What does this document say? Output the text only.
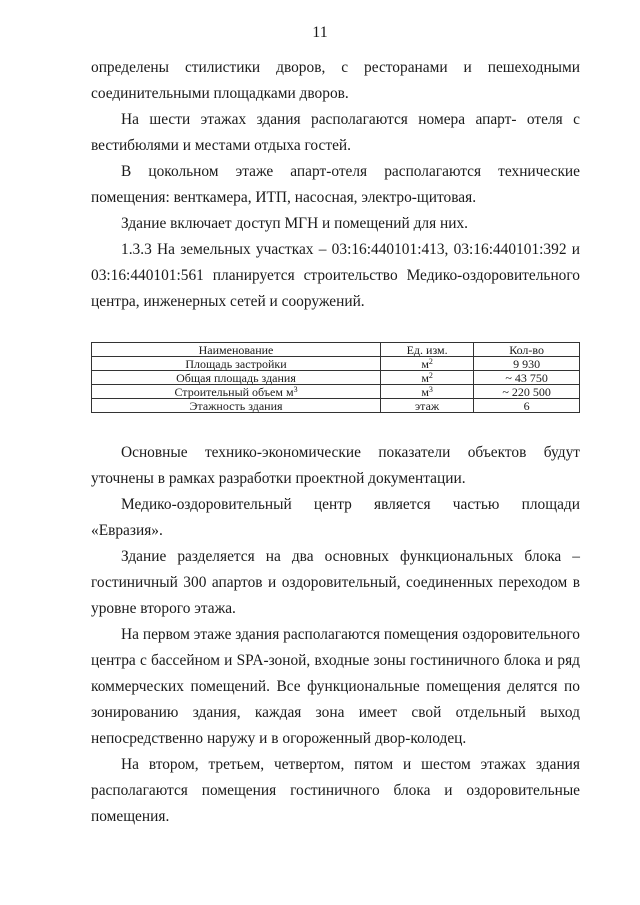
11

определены стилистики дворов, с ресторанами и пешеходными соединительными площадками дворов.

На шести этажах здания располагаются номера апарт- отеля с вестибюлями и местами отдыха гостей.

В цокольном этаже апарт-отеля располагаются технические помещения: венткамера, ИТП, насосная, электро-щитовая.

Здание включает доступ МГН и помещений для них.

1.3.3 На земельных участках – 03:16:440101:413, 03:16:440101:392 и 03:16:440101:561 планируется строительство Медико-оздоровительного центра, инженерных сетей и сооружений.

Наименование	Ед. изм.	Кол-во
Площадь застройки	$м^2$	9 930
Общая площадь здания	$м^2$	~ 43 750
Строительный объем $м^3$	$м^3$	~ 220 500
Этажность здания	этаж	6

Основные технико-экономические показатели объектов будут уточнены в рамках разработки проектной документации.

Медико-оздоровительный центр является частью площади «Евразия».

Здание разделяется на два основных функциональных блока – гостиничный 300 апартов и оздоровительный, соединенных переходом в уровне второго этажа.

На первом этаже здания располагаются помещения оздоровительного центра с бассейном и SPA-зоной, входные зоны гостиничного блока и ряд коммерческих помещений. Все функциональные помещения делятся по зонированию здания, каждая зона имеет свой отдельный выход непосредственно наружу и в огороженный двор-колодец.

На втором, третьем, четвертом, пятом и шестом этажах здания располагаются помещения гостиничного блока и оздоровительные помещения.
